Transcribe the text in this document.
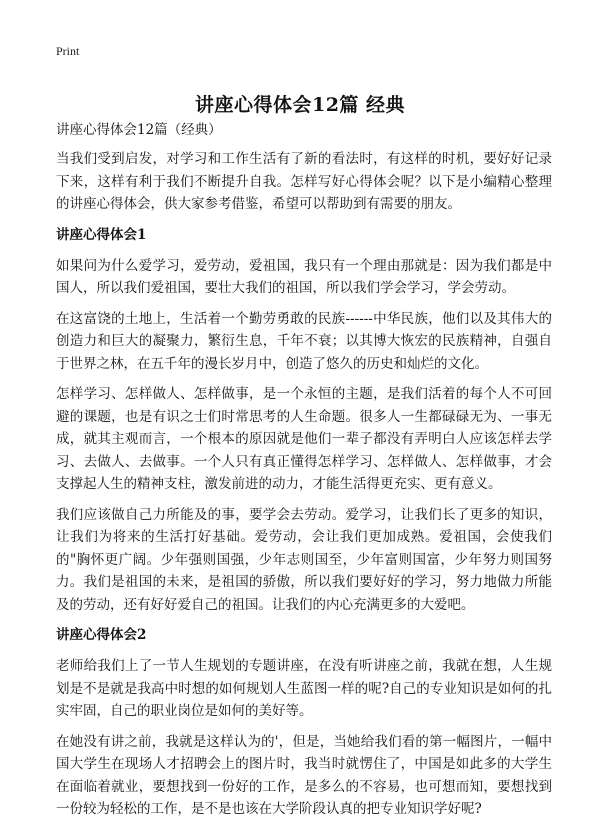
Print
讲座心得体会12篇 经典
讲座心得体会12篇（经典）

当我们受到启发，对学习和工作生活有了新的看法时，有这样的时机，要好好记录下来，这样有利于我们不断提升自我。怎样写好心得体会呢？以下是小编精心整理的讲座心得体会，供大家参考借鉴，希望可以帮助到有需要的朋友。

讲座心得体会1

如果问为什么爱学习，爱劳动，爱祖国，我只有一个理由那就是：因为我们都是中国人，所以我们爱祖国，要壮大我们的祖国，所以我们学会学习，学会劳动。

在这富饶的土地上，生活着一个勤劳勇敢的民族------中华民族，他们以及其伟大的创造力和巨大的凝聚力，繁衍生息，千年不衰；以其博大恢宏的民族精神，自强自于世界之林，在五千年的漫长岁月中，创造了悠久的历史和灿烂的文化。

怎样学习、怎样做人、怎样做事，是一个永恒的主题，是我们活着的每个人不可回避的课题，也是有识之士们时常思考的人生命题。很多人一生都碌碌无为、一事无成，就其主观而言，一个根本的原因就是他们一辈子都没有弄明白人应该怎样去学习、去做人、去做事。一个人只有真正懂得怎样学习、怎样做人、怎样做事，才会支撑起人生的精神支柱，激发前进的动力，才能生活得更充实、更有意义。

我们应该做自己力所能及的事，要学会去劳动。爱学习，让我们长了更多的知识，让我们为将来的生活打好基础。爱劳动，会让我们更加成熟。爱祖国，会使我们的"胸怀更广阔。少年强则国强，少年志则国至，少年富则国富，少年努力则国努力。我们是祖国的未来，是祖国的骄傲，所以我们要好好的学习，努力地做力所能及的劳动，还有好好爱自己的祖国。让我们的内心充满更多的大爱吧。

讲座心得体会2

老师给我们上了一节人生规划的专题讲座，在没有听讲座之前，我就在想，人生规划是不是就是我高中时想的如何规划人生蓝图一样的呢?自己的专业知识是如何的扎实牢固，自己的职业岗位是如何的美好等。

在她没有讲之前，我就是这样认为的'，但是，当她给我们看的第一幅图片，一幅中国大学生在现场人才招聘会上的图片时，我当时就愣住了，中国是如此多的大学生在面临着就业，要想找到一份好的工作，是多么的不容易，也可想而知，要想找到一份较为轻松的工作，是不是也该在大学阶段认真的把专业知识学好呢?
